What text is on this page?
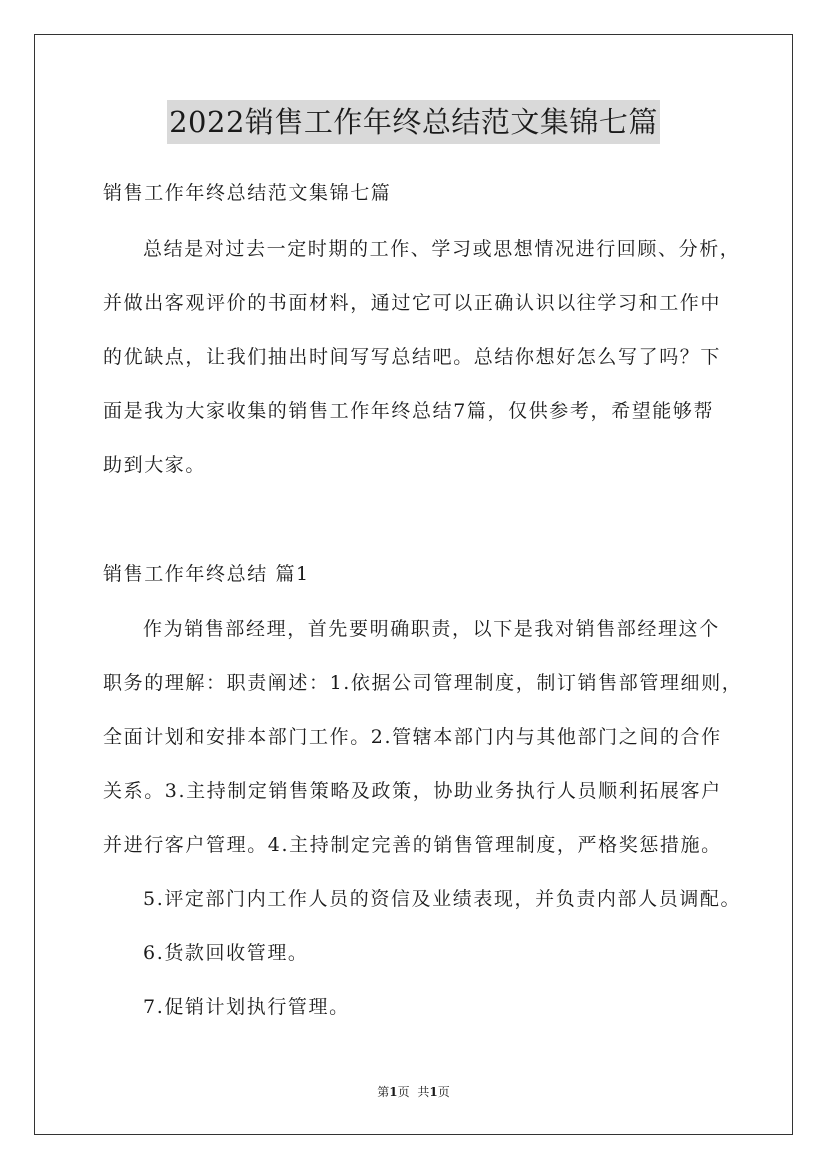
2022销售工作年终总结范文集锦七篇
销售工作年终总结范文集锦七篇
总结是对过去一定时期的工作、学习或思想情况进行回顾、分析，
并做出客观评价的书面材料，通过它可以正确认识以往学习和工作中
的优缺点，让我们抽出时间写写总结吧。总结你想好怎么写了吗？下
面是我为大家收集的销售工作年终总结7篇，仅供参考，希望能够帮
助到大家。
销售工作年终总结 篇1
作为销售部经理，首先要明确职责，以下是我对销售部经理这个
职务的理解：职责阐述：1.依据公司管理制度，制订销售部管理细则，
全面计划和安排本部门工作。2.管辖本部门内与其他部门之间的合作
关系。3.主持制定销售策略及政策，协助业务执行人员顺利拓展客户
并进行客户管理。4.主持制定完善的销售管理制度，严格奖惩措施。
5.评定部门内工作人员的资信及业绩表现，并负责内部人员调配。
6.货款回收管理。
7.促销计划执行管理。
第1页 共1页
